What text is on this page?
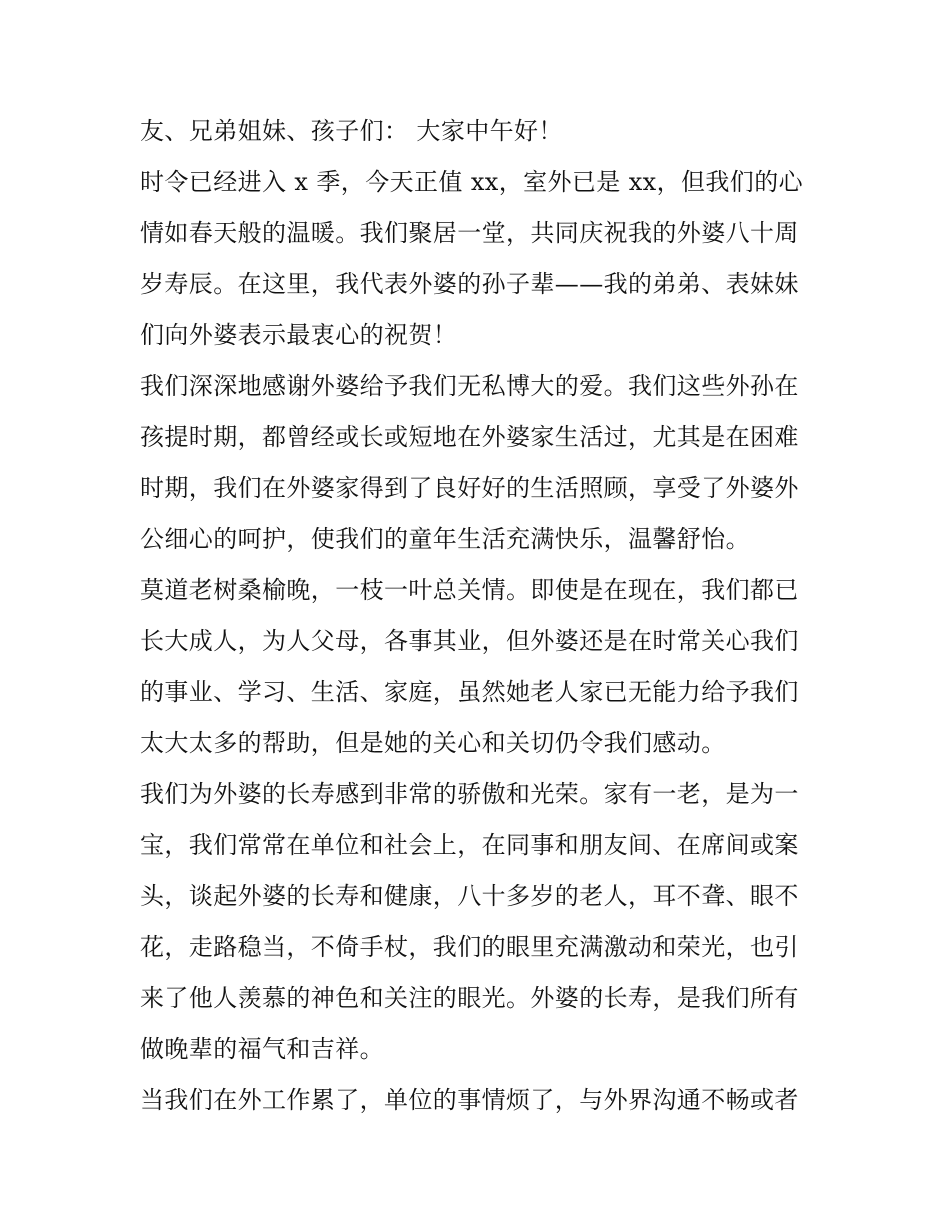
友、兄弟姐妹、孩子们： 大家中午好！
时令已经进入 x 季，今天正值 xx，室外已是 xx，但我们的心
情如春天般的温暖。我们聚居一堂，共同庆祝我的外婆八十周
岁寿辰。在这里，我代表外婆的孙子辈——我的弟弟、表妹妹
们向外婆表示最衷心的祝贺！
我们深深地感谢外婆给予我们无私博大的爱。我们这些外孙在
孩提时期，都曾经或长或短地在外婆家生活过，尤其是在困难
时期，我们在外婆家得到了良好好的生活照顾，享受了外婆外
公细心的呵护，使我们的童年生活充满快乐，温馨舒怡。
莫道老树桑榆晚，一枝一叶总关情。即使是在现在，我们都已
长大成人，为人父母，各事其业，但外婆还是在时常关心我们
的事业、学习、生活、家庭，虽然她老人家已无能力给予我们
太大太多的帮助，但是她的关心和关切仍令我们感动。
我们为外婆的长寿感到非常的骄傲和光荣。家有一老，是为一
宝，我们常常在单位和社会上，在同事和朋友间、在席间或案
头，谈起外婆的长寿和健康，八十多岁的老人，耳不聋、眼不
花，走路稳当，不倚手杖，我们的眼里充满激动和荣光，也引
来了他人羡慕的神色和关注的眼光。外婆的长寿，是我们所有
做晚辈的福气和吉祥。
当我们在外工作累了，单位的事情烦了，与外界沟通不畅或者
